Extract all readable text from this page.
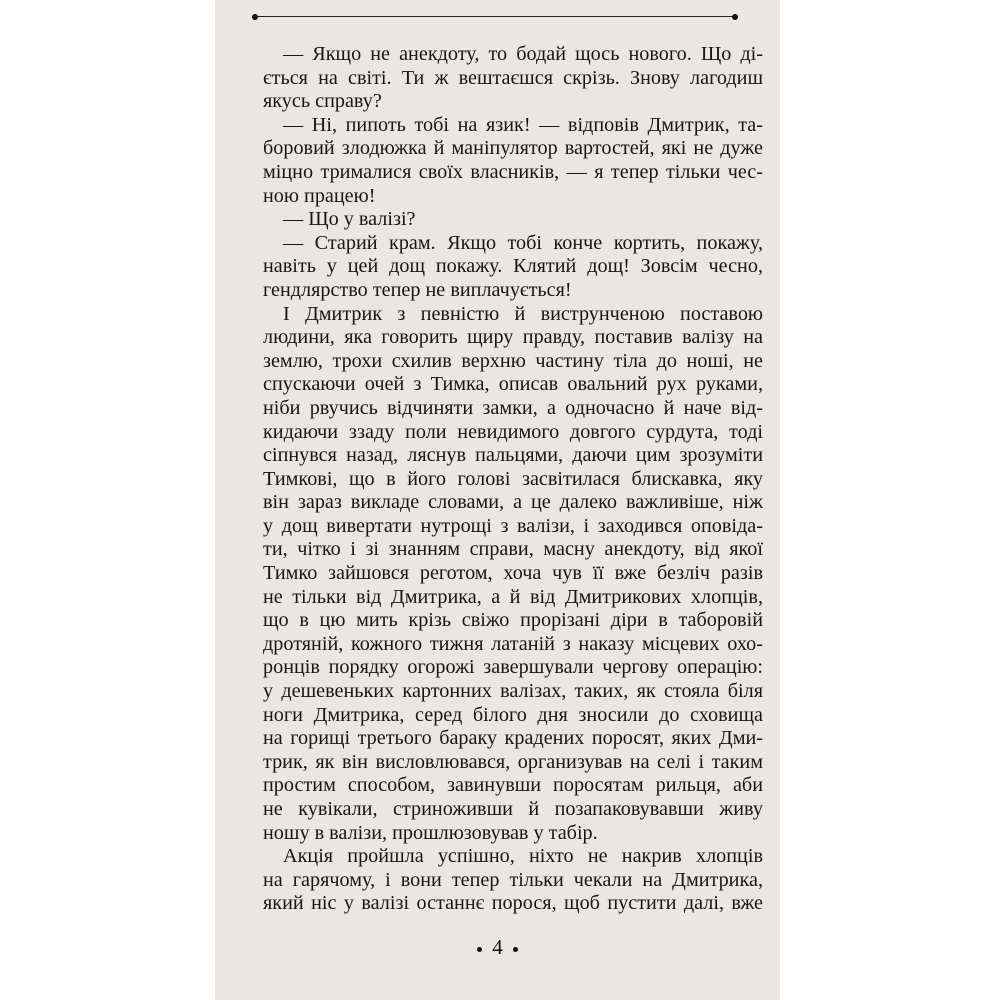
— Якщо не анекдоту, то бодай щось нового. Що ді-
ється на світі. Ти ж вештаєшся скрізь. Знову лагодиш
якусь справу?
— Ні, пипоть тобі на язик! — відповів Дмитрик, та-
боровий злодюжка й маніпулятор вартостей, які не дуже
міцно трималися своїх власників, — я тепер тільки чес-
ною працею!
— Що у валізі?
— Старий крам. Якщо тобі конче кортить, покажу,
навіть у цей дощ покажу. Клятий дощ! Зовсім чесно,
гендлярство тепер не виплачується!
І Дмитрик з певністю й виструнченою поставою
людини, яка говорить щиру правду, поставив валізу на
землю, трохи схилив верхню частину тіла до ноші, не
спускаючи очей з Тимка, описав овальний рух руками,
ніби рвучись відчиняти замки, а одночасно й наче від-
кидаючи ззаду поли невидимого довгого сурдута, тоді
сіпнувся назад, ляснув пальцями, даючи цим зрозуміти
Тимкові, що в його голові засвітилася блискавка, яку
він зараз викладе словами, а це далеко важливіше, ніж
у дощ вивертати нутрощі з валізи, і заходився оповіда-
ти, чітко і зі знанням справи, масну анекдоту, від якої
Тимко зайшовся реготом, хоча чув її вже безліч разів
не тільки від Дмитрика, а й від Дмитрикових хлопців,
що в цю мить крізь свіжо прорізані діри в таборовій
дротяній, кожного тижня латаній з наказу місцевих охо-
ронців порядку огорожі завершували чергову операцію:
у дешевеньких картонних валізах, таких, як стояла біля
ноги Дмитрика, серед білого дня зносили до сховища
на горищі третього бараку крадених поросят, яких Дми-
трик, як він висловлювався, организував на селі і таким
простим способом, завинувши поросятам рильця, аби
не кувікали, стриноживши й позапаковувавши живу
ношу в валізи, прошлюзовував у табір.
Акція пройшла успішно, ніхто не накрив хлопців
на гарячому, і вони тепер тільки чекали на Дмитрика,
який ніс у валізі останнє порося, щоб пустити далі, вже
4
